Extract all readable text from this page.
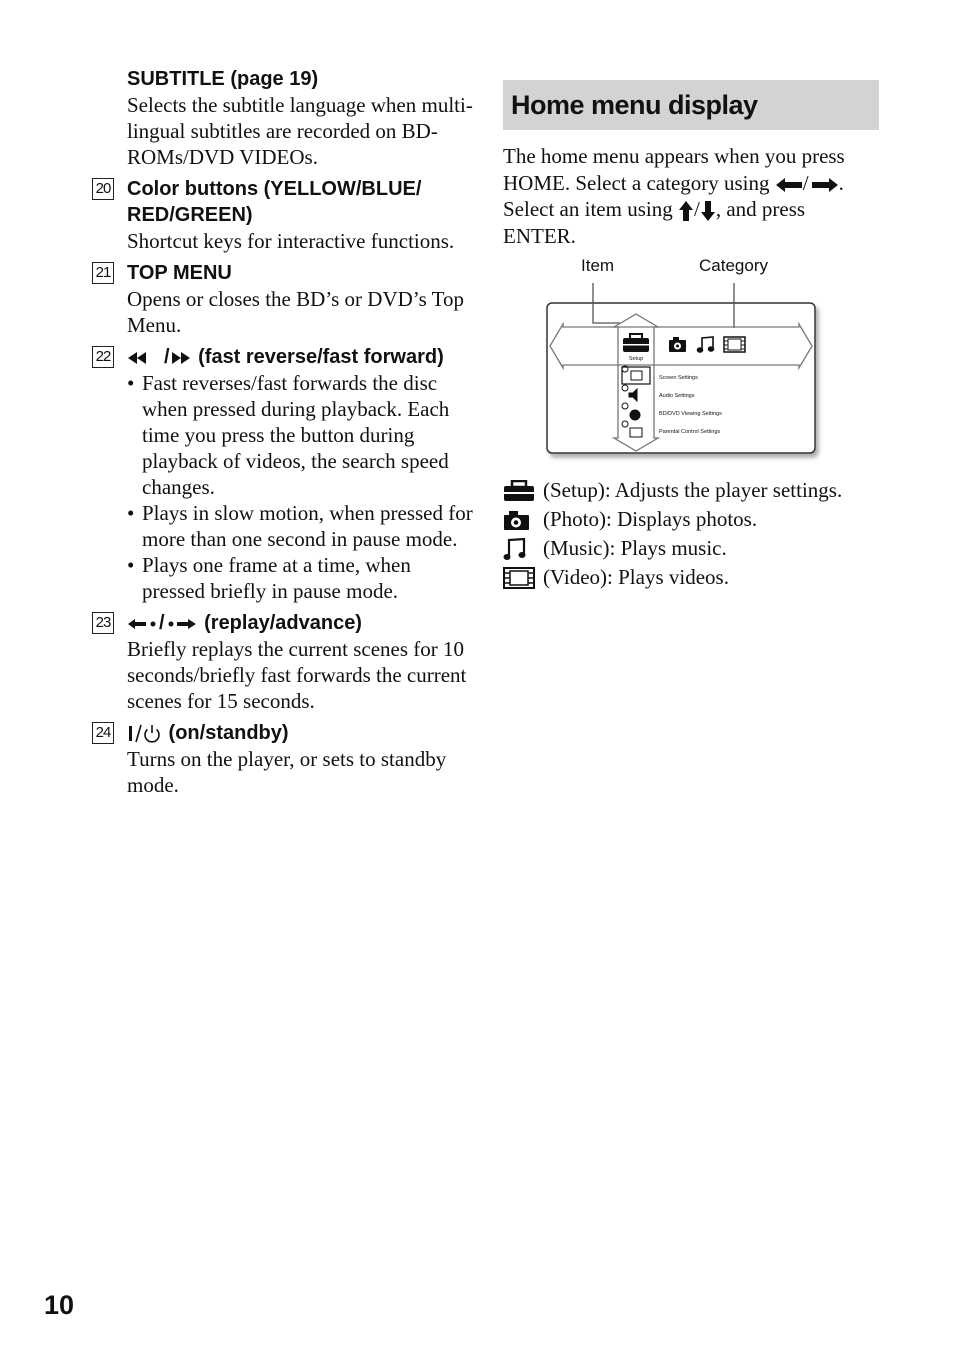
SUBTITLE (page 19)
Selects the subtitle language when multi-lingual subtitles are recorded on BD-ROMs/DVD VIDEOs.
20 Color buttons (YELLOW/BLUE/ RED/GREEN)
Shortcut keys for interactive functions.
21 TOP MENU
Opens or closes the BD’s or DVD’s Top Menu.
22	/ (fast reverse/fast forward)
• Fast reverses/fast forwards the disc when pressed during playback. Each time you press the button during playback of videos, the search speed changes.
• Plays in slow motion, when pressed for more than one second in pause mode.
• Plays one frame at a time, when pressed briefly in pause mode.
23	/ (replay/advance)
Briefly replays the current scenes for 10 seconds/briefly fast forwards the current scenes for 15 seconds.
24	(on/standby)
Turns on the player, or sets to standby mode.
Home menu display
The home menu appears when you press HOME. Select a category using / . Select an item using / , and press ENTER.
Item	Category
Setup
Screen Settings
Audio Settings
BD/DVD Viewing Settings
Parental Control Settings
(Setup): Adjusts the player settings.
(Photo): Displays photos.
(Music): Plays music.
(Video): Plays videos.
10
